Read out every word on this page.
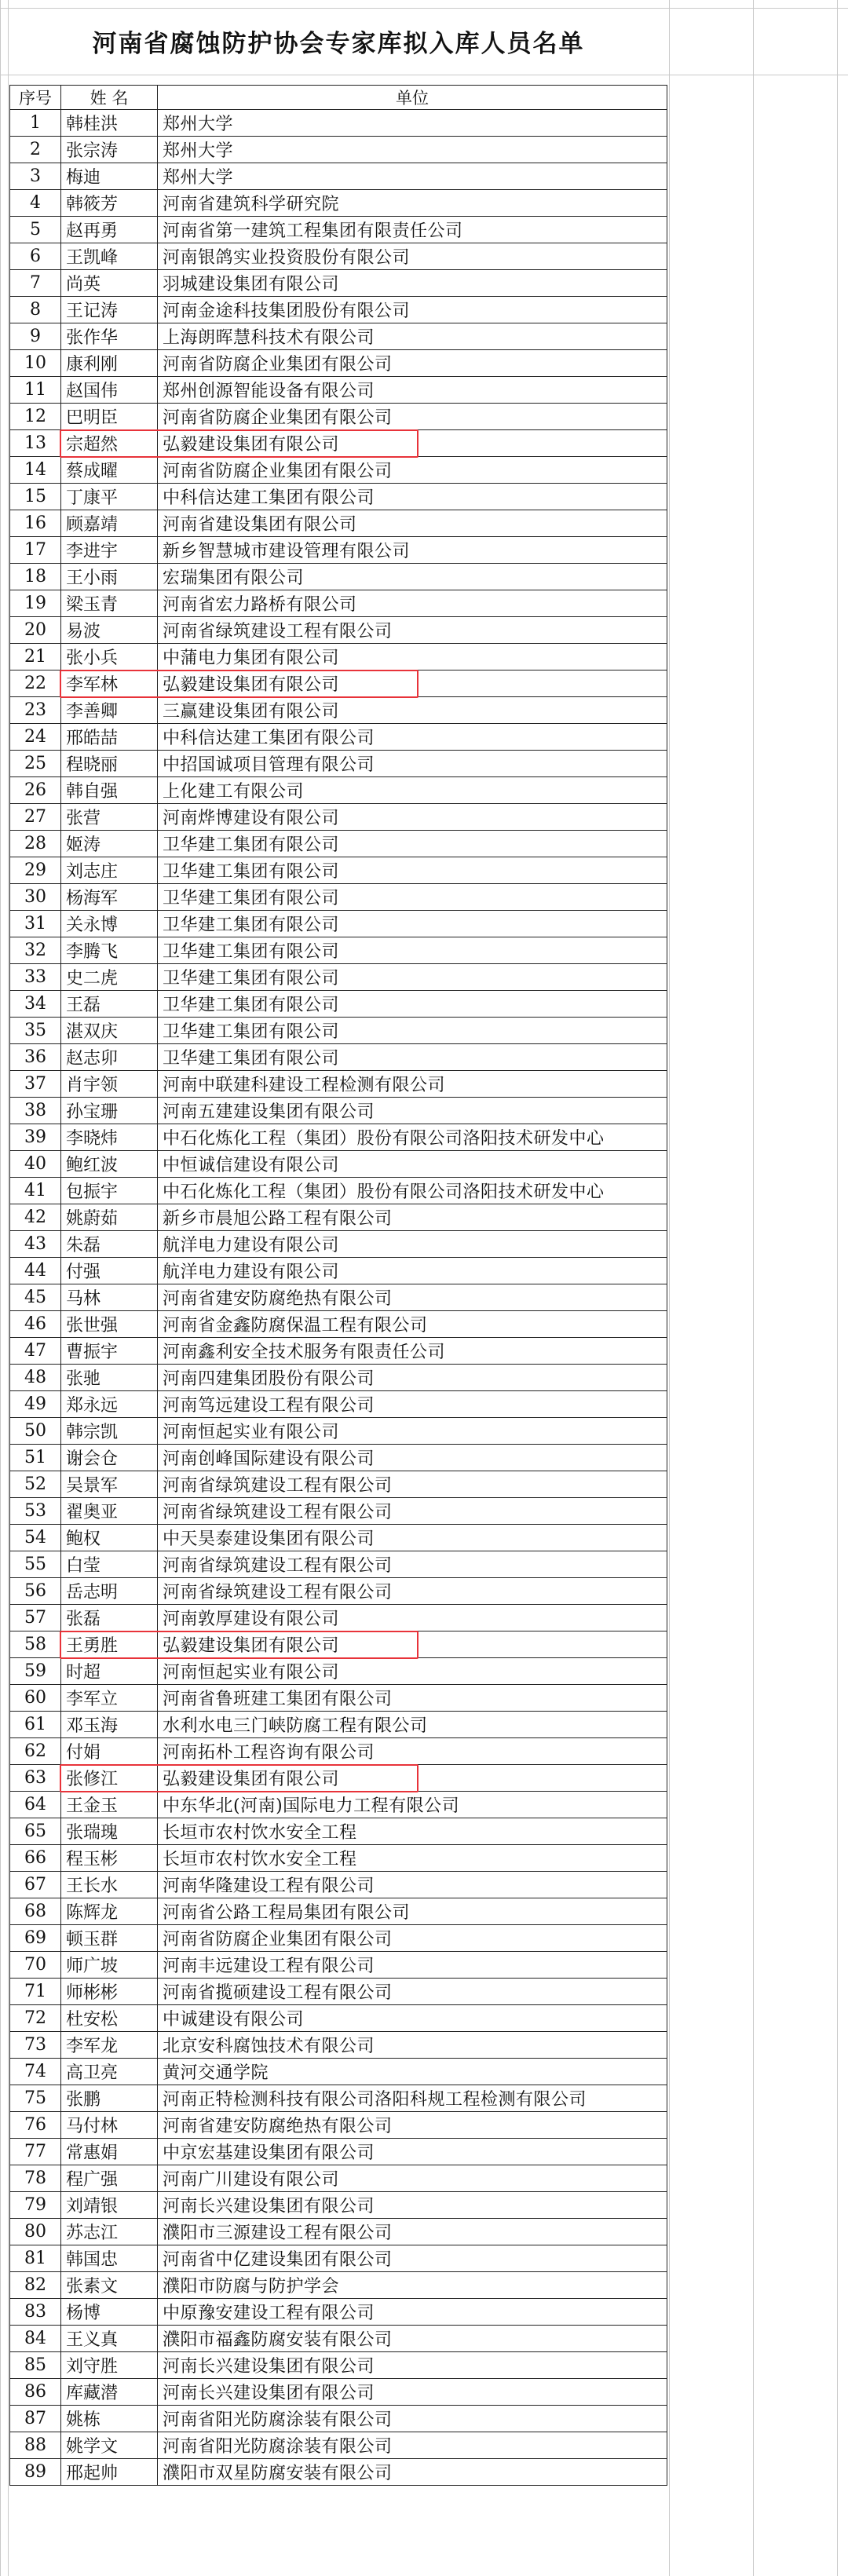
河南省腐蚀防护协会专家库拟入库人员名单
序号	姓 名	单位
1	韩桂洪	郑州大学
2	张宗涛	郑州大学
3	梅迪	郑州大学
4	韩筱芳	河南省建筑科学研究院
5	赵再勇	河南省第一建筑工程集团有限责任公司
6	王凯峰	河南银鸽实业投资股份有限公司
7	尚英	羽城建设集团有限公司
8	王记涛	河南金途科技集团股份有限公司
9	张作华	上海朗晖慧科技术有限公司
10	康利刚	河南省防腐企业集团有限公司
11	赵国伟	郑州创源智能设备有限公司
12	巴明臣	河南省防腐企业集团有限公司
13	宗超然	弘毅建设集团有限公司
14	蔡成曜	河南省防腐企业集团有限公司
15	丁康平	中科信达建工集团有限公司
16	顾嘉靖	河南省建设集团有限公司
17	李进宇	新乡智慧城市建设管理有限公司
18	王小雨	宏瑞集团有限公司
19	梁玉青	河南省宏力路桥有限公司
20	易波	河南省绿筑建设工程有限公司
21	张小兵	中蒲电力集团有限公司
22	李军林	弘毅建设集团有限公司
23	李善卿	三赢建设集团有限公司
24	邢皓喆	中科信达建工集团有限公司
25	程晓丽	中招国诚项目管理有限公司
26	韩自强	上化建工有限公司
27	张营	河南烨博建设有限公司
28	姬涛	卫华建工集团有限公司
29	刘志庄	卫华建工集团有限公司
30	杨海军	卫华建工集团有限公司
31	关永博	卫华建工集团有限公司
32	李腾飞	卫华建工集团有限公司
33	史二虎	卫华建工集团有限公司
34	王磊	卫华建工集团有限公司
35	湛双庆	卫华建工集团有限公司
36	赵志卯	卫华建工集团有限公司
37	肖宇领	河南中联建科建设工程检测有限公司
38	孙宝珊	河南五建建设集团有限公司
39	李晓炜	中石化炼化工程（集团）股份有限公司洛阳技术研发中心
40	鲍红波	中恒诚信建设有限公司
41	包振宇	中石化炼化工程（集团）股份有限公司洛阳技术研发中心
42	姚蔚茹	新乡市晨旭公路工程有限公司
43	朱磊	航洋电力建设有限公司
44	付强	航洋电力建设有限公司
45	马林	河南省建安防腐绝热有限公司
46	张世强	河南省金鑫防腐保温工程有限公司
47	曹振宇	河南鑫利安全技术服务有限责任公司
48	张驰	河南四建集团股份有限公司
49	郑永远	河南笃远建设工程有限公司
50	韩宗凯	河南恒起实业有限公司
51	谢会仓	河南创峰国际建设有限公司
52	吴景军	河南省绿筑建设工程有限公司
53	翟奥亚	河南省绿筑建设工程有限公司
54	鲍权	中天昊泰建设集团有限公司
55	白莹	河南省绿筑建设工程有限公司
56	岳志明	河南省绿筑建设工程有限公司
57	张磊	河南敦厚建设有限公司
58	王勇胜	弘毅建设集团有限公司
59	时超	河南恒起实业有限公司
60	李军立	河南省鲁班建工集团有限公司
61	邓玉海	水利水电三门峡防腐工程有限公司
62	付娟	河南拓朴工程咨询有限公司
63	张修江	弘毅建设集团有限公司
64	王金玉	中东华北(河南)国际电力工程有限公司
65	张瑞瑰	长垣市农村饮水安全工程
66	程玉彬	长垣市农村饮水安全工程
67	王长水	河南华隆建设工程有限公司
68	陈辉龙	河南省公路工程局集团有限公司
69	顿玉群	河南省防腐企业集团有限公司
70	师广坡	河南丰远建设工程有限公司
71	师彬彬	河南省揽硕建设工程有限公司
72	杜安松	中诚建设有限公司
73	李军龙	北京安科腐蚀技术有限公司
74	高卫亮	黄河交通学院
75	张鹏	河南正特检测科技有限公司洛阳科规工程检测有限公司
76	马付林	河南省建安防腐绝热有限公司
77	常惠娟	中京宏基建设集团有限公司
78	程广强	河南广川建设有限公司
79	刘靖银	河南长兴建设集团有限公司
80	苏志江	濮阳市三源建设工程有限公司
81	韩国忠	河南省中亿建设集团有限公司
82	张素文	濮阳市防腐与防护学会
83	杨博	中原豫安建设工程有限公司
84	王义真	濮阳市福鑫防腐安装有限公司
85	刘守胜	河南长兴建设集团有限公司
86	库藏潜	河南长兴建设集团有限公司
87	姚栋	河南省阳光防腐涂装有限公司
88	姚学文	河南省阳光防腐涂装有限公司
89	邢起帅	濮阳市双星防腐安装有限公司
